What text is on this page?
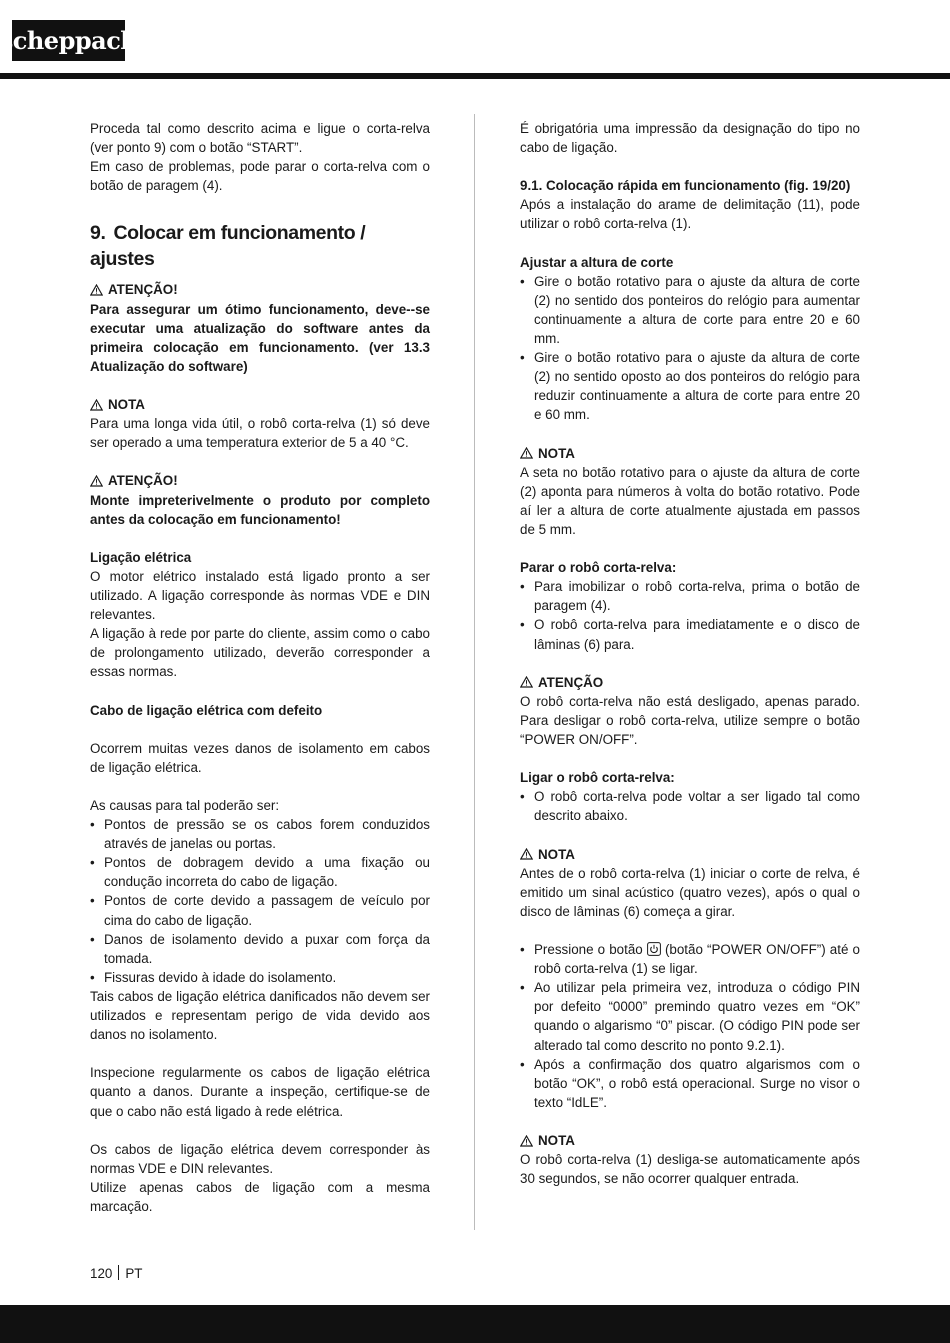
scheppach

Proceda tal como descrito acima e ligue o corta-relva (ver ponto 9) com o botão “START”.

Em caso de problemas, pode parar o corta-relva com o botão de paragem (4).

9. Colocar em funcionamento / ajustes
ATENÇÃO!

Para assegurar um ótimo funcionamento, deve--se executar uma atualização do software antes da primeira colocação em funcionamento. (ver 13.3 Atualização do software)

NOTA

Para uma longa vida útil, o robô corta-relva (1) só deve ser operado a uma temperatura exterior de 5 a 40 °C.

ATENÇÃO!

Monte impreterivelmente o produto por completo antes da colocação em funcionamento!

Ligação elétrica

O motor elétrico instalado está ligado pronto a ser utilizado. A ligação corresponde às normas VDE e DIN relevantes.

A ligação à rede por parte do cliente, assim como o cabo de prolongamento utilizado, deverão corresponder a essas normas.

Cabo de ligação elétrica com defeito

Ocorrem muitas vezes danos de isolamento em cabos de ligação elétrica.

As causas para tal poderão ser:

• Pontos de pressão se os cabos forem conduzidos através de janelas ou portas.
• Pontos de dobragem devido a uma fixação ou condução incorreta do cabo de ligação.
• Pontos de corte devido a passagem de veículo por cima do cabo de ligação.
• Danos de isolamento devido a puxar com força da tomada.
• Fissuras devido à idade do isolamento.

Tais cabos de ligação elétrica danificados não devem ser utilizados e representam perigo de vida devido aos danos no isolamento.

Inspecione regularmente os cabos de ligação elétrica quanto a danos. Durante a inspeção, certifique-se de que o cabo não está ligado à rede elétrica.

Os cabos de ligação elétrica devem corresponder às normas VDE e DIN relevantes.

Utilize apenas cabos de ligação com a mesma marcação.

É obrigatória uma impressão da designação do tipo no cabo de ligação.

9.1. Colocação rápida em funcionamento (fig. 19/20)

Após a instalação do arame de delimitação (11), pode utilizar o robô corta-relva (1).

Ajustar a altura de corte

• Gire o botão rotativo para o ajuste da altura de corte (2) no sentido dos ponteiros do relógio para aumentar continuamente a altura de corte para entre 20 e 60 mm.
• Gire o botão rotativo para o ajuste da altura de corte (2) no sentido oposto ao dos ponteiros do relógio para reduzir continuamente a altura de corte para entre 20 e 60 mm.
NOTA

A seta no botão rotativo para o ajuste da altura de corte (2) aponta para números à volta do botão rotativo. Pode aí ler a altura de corte atualmente ajustada em passos de 5 mm.

Parar o robô corta-relva:

• Para imobilizar o robô corta-relva, prima o botão de paragem (4).
• O robô corta-relva para imediatamente e o disco de lâminas (6) para.
ATENÇÃO

O robô corta-relva não está desligado, apenas parado. Para desligar o robô corta-relva, utilize sempre o botão “POWER ON/OFF”.

Ligar o robô corta-relva:

• O robô corta-relva pode voltar a ser ligado tal como descrito abaixo.
NOTA

Antes de o robô corta-relva (1) iniciar o corte de relva, é emitido um sinal acústico (quatro vezes), após o qual o disco de lâminas (6) começa a girar.

• Pressione o botão (botão “POWER ON/OFF”) até o robô corta-relva (1) se ligar.
• Ao utilizar pela primeira vez, introduza o código PIN por defeito “0000” premindo quatro vezes em “OK” quando o algarismo “0” piscar. (O código PIN pode ser alterado tal como descrito no ponto 9.2.1).
• Após a confirmação dos quatro algarismos com o botão “OK”, o robô está operacional. Surge no visor o texto “IdLE”.
NOTA

O robô corta-relva (1) desliga-se automaticamente após 30 segundos, se não ocorrer qualquer entrada.

120 PT
